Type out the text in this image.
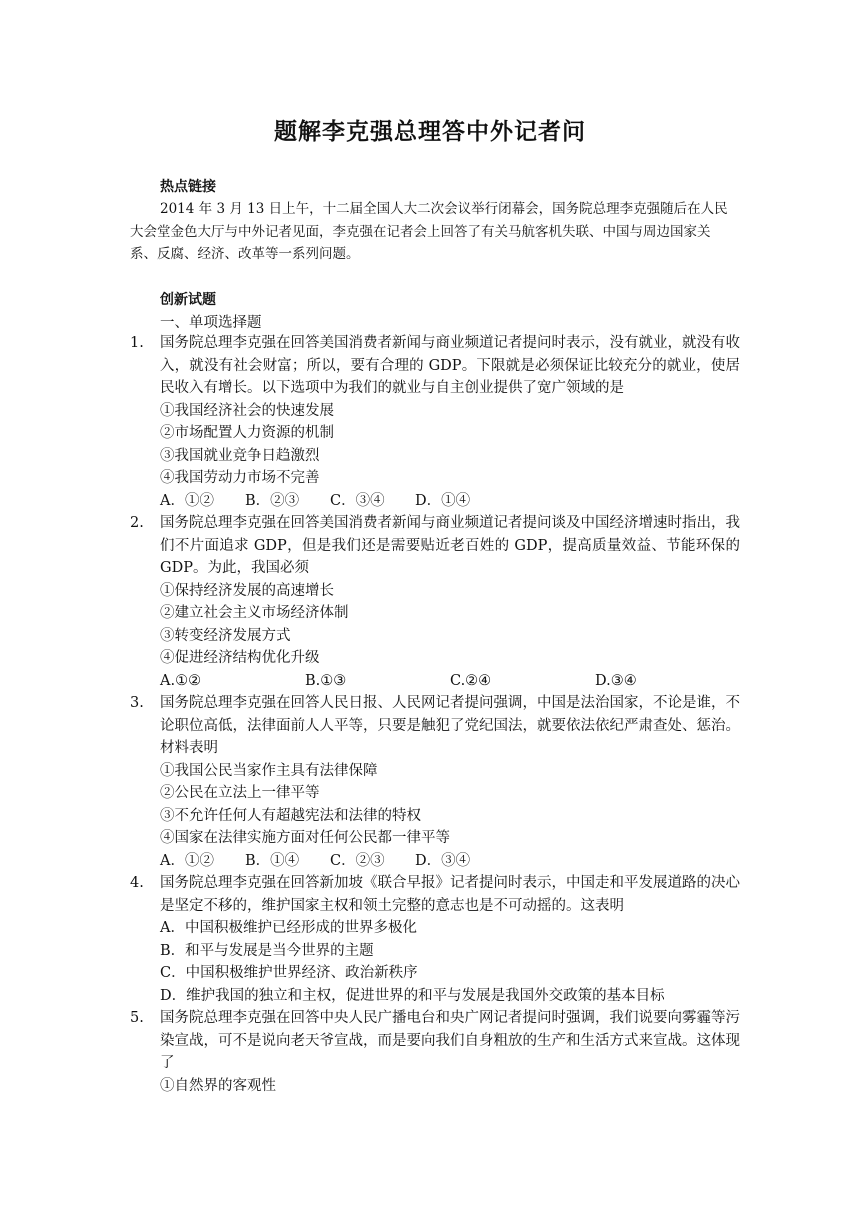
题解李克强总理答中外记者问
热点链接
2014 年 3 月 13 日上午，十二届全国人大二次会议举行闭幕会，国务院总理李克强随后在人民大会堂金色大厅与中外记者见面，李克强在记者会上回答了有关马航客机失联、中国与周边国家关系、反腐、经济、改革等一系列问题。
创新试题
一、单项选择题
1.	国务院总理李克强在回答美国消费者新闻与商业频道记者提问时表示，没有就业，就没有收入，就没有社会财富；所以，要有合理的 GDP。下限就是必须保证比较充分的就业，使居民收入有增长。以下选项中为我们的就业与自主创业提供了宽广领域的是
①我国经济社会的快速发展
②市场配置人力资源的机制
③我国就业竞争日趋激烈
④我国劳动力市场不完善
A．①②	B．②③	C．③④	D．①④
2.	国务院总理李克强在回答美国消费者新闻与商业频道记者提问谈及中国经济增速时指出，我们不片面追求 GDP，但是我们还是需要贴近老百姓的 GDP，提高质量效益、节能环保的 GDP。为此，我国必须
①保持经济发展的高速增长
②建立社会主义市场经济体制
③转变经济发展方式
④促进经济结构优化升级
A.①②	B.①③	C.②④	D.③④
3.	国务院总理李克强在回答人民日报、人民网记者提问强调，中国是法治国家，不论是谁，不论职位高低，法律面前人人平等，只要是触犯了党纪国法，就要依法依纪严肃查处、惩治。材料表明
①我国公民当家作主具有法律保障
②公民在立法上一律平等
③不允许任何人有超越宪法和法律的特权
④国家在法律实施方面对任何公民都一律平等
A．①②	B．①④	C．②③	D．③④
4.	国务院总理李克强在回答新加坡《联合早报》记者提问时表示，中国走和平发展道路的决心是坚定不移的，维护国家主权和领土完整的意志也是不可动摇的。这表明
A．中国积极维护已经形成的世界多极化
B．和平与发展是当今世界的主题
C．中国积极维护世界经济、政治新秩序
D．维护我国的独立和主权，促进世界的和平与发展是我国外交政策的基本目标
5.	国务院总理李克强在回答中央人民广播电台和央广网记者提问时强调，我们说要向雾霾等污染宣战，可不是说向老天爷宣战，而是要向我们自身粗放的生产和生活方式来宣战。这体现了
①自然界的客观性
